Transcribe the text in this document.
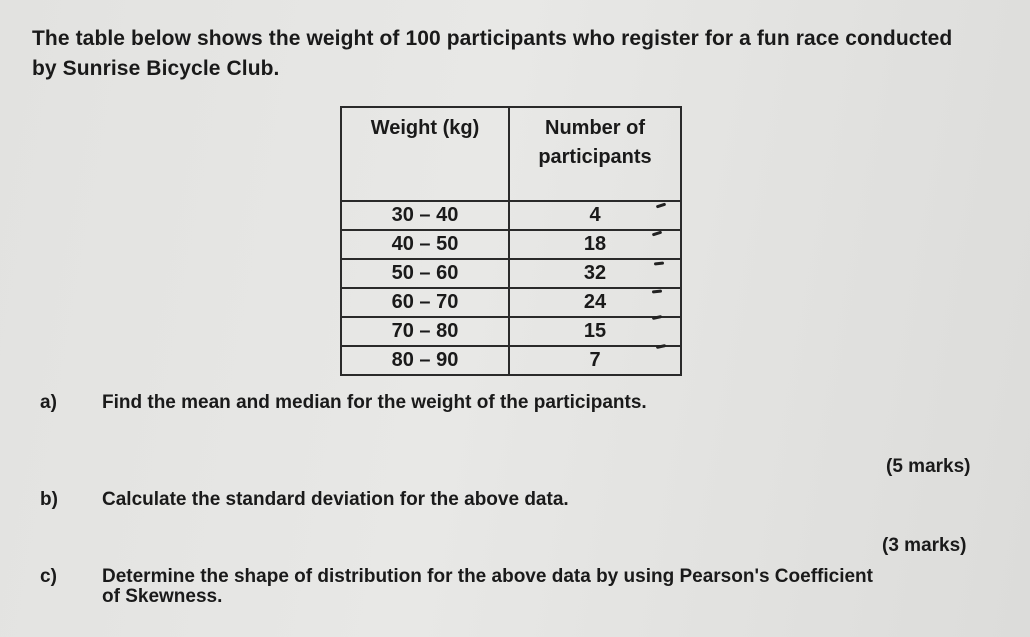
The table below shows the weight of 100 participants who register for a fun race conducted
by Sunrise Bicycle Club.
Weight (kg)	Number of
participants

30 – 40	4
40 – 50	18
50 – 60	32
60 – 70	24
70 – 80	15
80 – 90	7
a) Find the mean and median for the weight of the participants.
(5 marks)
b) Calculate the standard deviation for the above data.
(3 marks)
c) Determine the shape of distribution for the above data by using Pearson's Coefficient
of Skewness.
